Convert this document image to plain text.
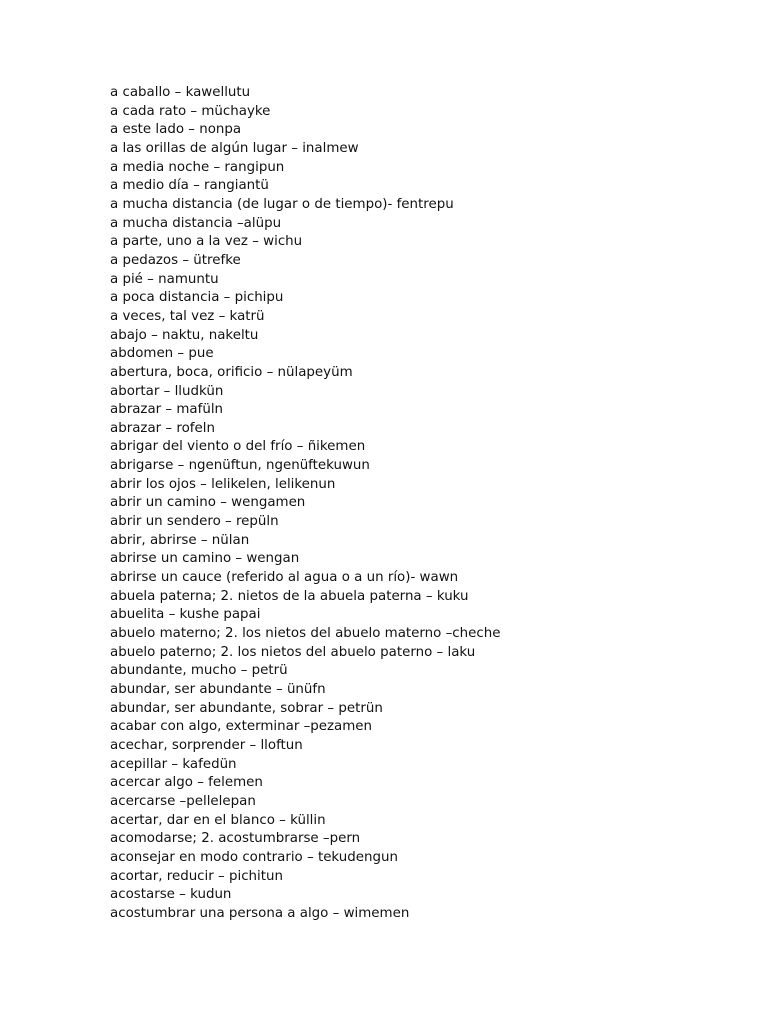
a caballo – kawellutu
a cada rato – müchayke
a este lado – nonpa
a las orillas de algún lugar – inalmew
a media noche – rangipun
a medio día – rangiantü
a mucha distancia (de lugar o de tiempo)- fentrepu
a mucha distancia –alüpu
a parte, uno a la vez – wichu
a pedazos – ütrefke
a pié – namuntu
a poca distancia – pichipu
a veces, tal vez – katrü
abajo – naktu, nakeltu
abdomen – pue
abertura, boca, orificio – nülapeyüm
abortar – lludkün
abrazar – mafüln
abrazar – rofeln
abrigar del viento o del frío – ñikemen
abrigarse – ngenüftun, ngenüftekuwun
abrir los ojos – lelikelen, lelikenun
abrir un camino – wengamen
abrir un sendero – repüln
abrir, abrirse – nülan
abrirse un camino – wengan
abrirse un cauce (referido al agua o a un río)- wawn
abuela paterna; 2. nietos de la abuela paterna – kuku
abuelita – kushe papai
abuelo materno; 2. los nietos del abuelo materno –cheche
abuelo paterno; 2. los nietos del abuelo paterno – laku
abundante, mucho – petrü
abundar, ser abundante – ünüfn
abundar, ser abundante, sobrar – petrün
acabar con algo, exterminar –pezamen
acechar, sorprender – lloftun
acepillar – kafedün
acercar algo – felemen
acercarse –pellelepan
acertar, dar en el blanco – küllin
acomodarse; 2. acostumbrarse –pern
aconsejar en modo contrario – tekudengun
acortar, reducir – pichitun
acostarse – kudun
acostumbrar una persona a algo – wimemen
